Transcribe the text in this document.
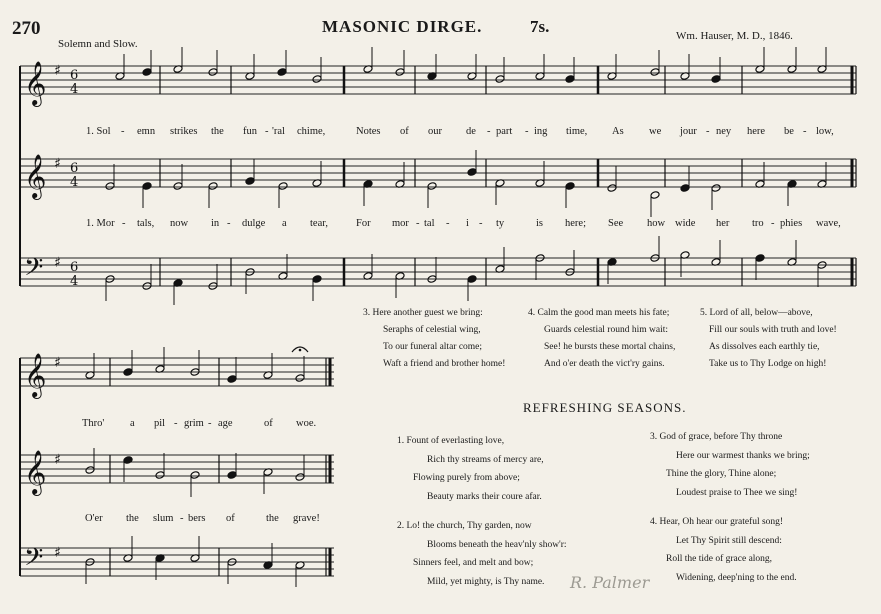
270
Solemn and Slow.
MASONIC DIRGE.	7s.	Wm. Hauser, M. D., 1846.
𝄞 ♯ 6
4
𝄞 ♯ 6
4
𝄢 ♯ 6
4
𝄞 ♯
𝄞 ♯
𝄢 ♯
1. Sol - emn strikes the fun - 'ral chime,	Notes of our de - part - ing time, As we jour - ney here be - low,
1. Mor - tals, now in - dulge a tear,	For mor - tal - i - ty	is here; See how wide her tro - phies wave,
Thro' a pil - grim - age	of woe.
O'er the slum - bers of	the grave!
3. Here another guest we bring:
Seraphs of celestial wing,
To our funeral altar come;
Waft a friend and brother home!
4. Calm the good man meets his fate;
Guards celestial round him wait:
See! he bursts these mortal chains,
And o'er death the vict'ry gains.
5. Lord of all, below—above,
Fill our souls with truth and love!
As dissolves each earthly tie,
Take us to Thy Lodge on high!
REFRESHING SEASONS.
1. Fount of everlasting love,
Rich thy streams of mercy are,
Flowing purely from above;
Beauty marks their coure afar.
2. Lo! the church, Thy garden, now
Blooms beneath the heav'nly show'r:
Sinners feel, and melt and bow;
Mild, yet mighty, is Thy name.
3. God of grace, before Thy throne
Here our warmest thanks we bring;
Thine the glory, Thine alone;
Loudest praise to Thee we sing!
4. Hear, Oh hear our grateful song!
Let Thy Spirit still descend:
Roll the tide of grace along,
Widening, deep'ning to the end.
R. Palmer
